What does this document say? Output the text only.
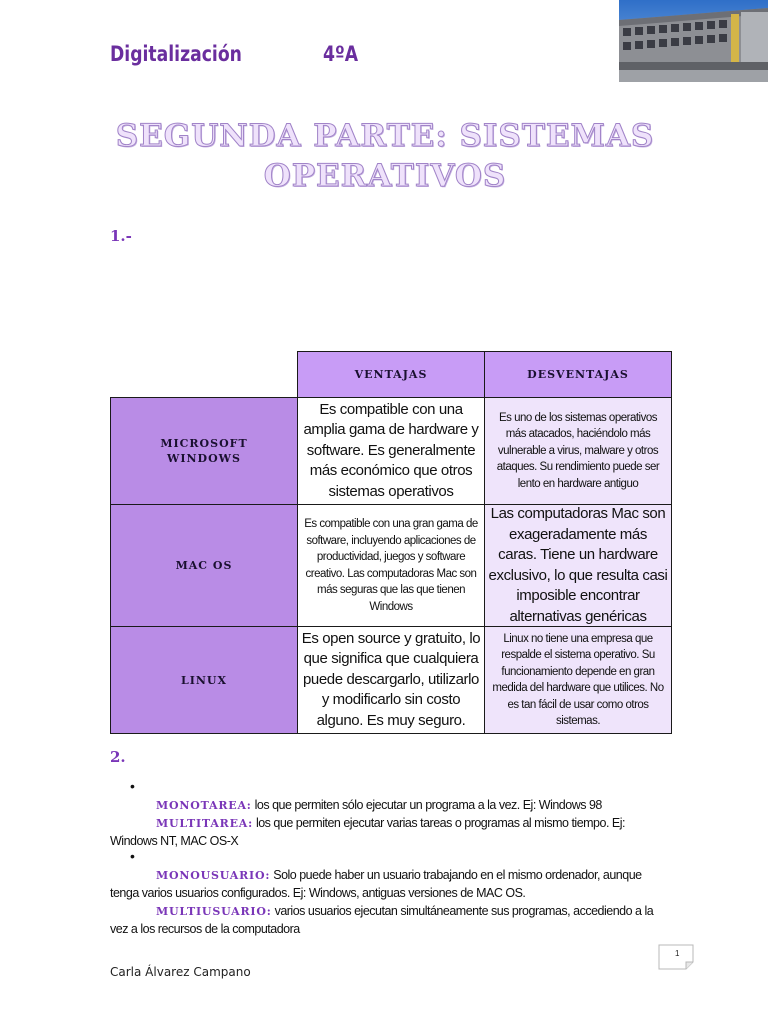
Digitalización	4ºA
SEGUNDA PARTE: SISTEMAS
OPERATIVOS
1.-
VENTAJAS	DESVENTAJAS
MICROSOFT
WINDOWS
Es compatible con una amplia gama de hardware y software. Es generalmente más económico que otros sistemas operativos
Es uno de los sistemas operativos más atacados, haciéndolo más vulnerable a virus, malware y otros ataques. Su rendimiento puede ser lento en hardware antiguo
MAC OS
Es compatible con una gran gama de software, incluyendo aplicaciones de productividad, juegos y software creativo. Las computadoras Mac son más seguras que las que tienen Windows
Las computadoras Mac son exageradamente más caras. Tiene un hardware exclusivo, lo que resulta casi imposible encontrar alternativas genéricas
LINUX
Es open source y gratuito, lo que significa que cualquiera puede descargarlo, utilizarlo y modificarlo sin costo alguno. Es muy seguro.
Linux no tiene una empresa que respalde el sistema operativo. Su funcionamiento depende en gran medida del hardware que utilices. No es tan fácil de usar como otros sistemas.
2.
•
MONOTAREA: los que permiten sólo ejecutar un programa a la vez. Ej: Windows 98
MULTITAREA: los que permiten ejecutar varias tareas o programas al mismo tiempo. Ej: Windows NT, MAC OS-X
•
MONOUSUARIO: Solo puede haber un usuario trabajando en el mismo ordenador, aunque tenga varios usuarios configurados. Ej: Windows, antiguas versiones de MAC OS.
MULTIUSUARIO: varios usuarios ejecutan simultáneamente sus programas, accediendo a la vez a los recursos de la computadora
Carla Álvarez Campano
1
